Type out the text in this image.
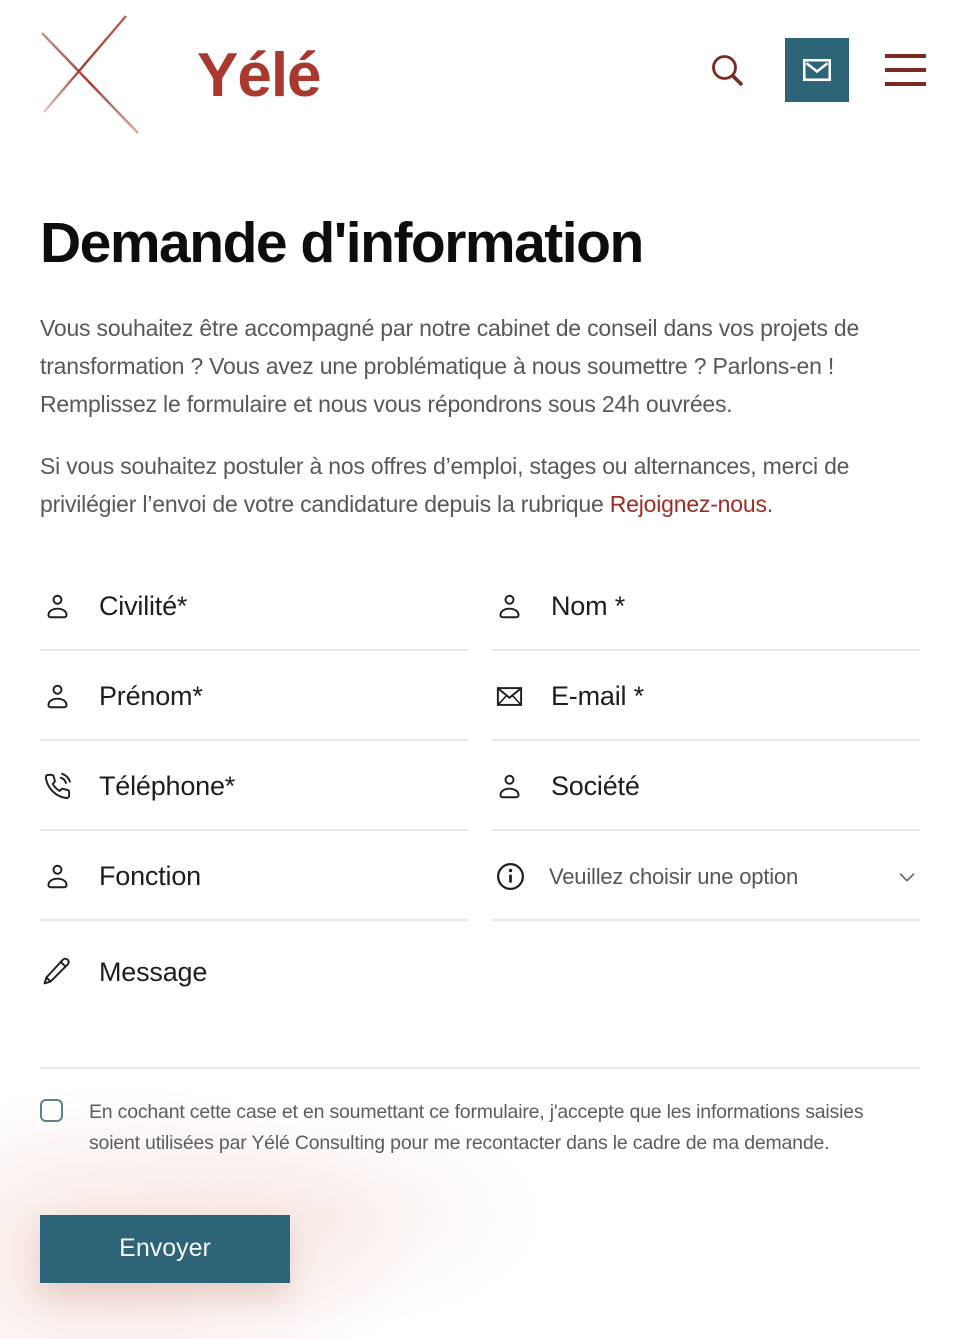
Yélé
Demande d'information

Vous souhaitez être accompagné par notre cabinet de conseil dans vos projets de transformation ? Vous avez une problématique à nous soumettre ? Parlons-en ! Remplissez le formulaire et nous vous répondrons sous 24h ouvrées.

Si vous souhaitez postuler à nos offres d’emploi, stages ou alternances, merci de privilégier l’envoi de votre candidature depuis la rubrique Rejoignez-nous.

Civilité*
Nom *
Prénom*
E-mail *
Téléphone*
Société
Fonction
Veuillez choisir une option
Message
En cochant cette case et en soumettant ce formulaire, j'accepte que les informations saisies soient utilisées par Yélé Consulting pour me recontacter dans le cadre de ma demande.
Envoyer
